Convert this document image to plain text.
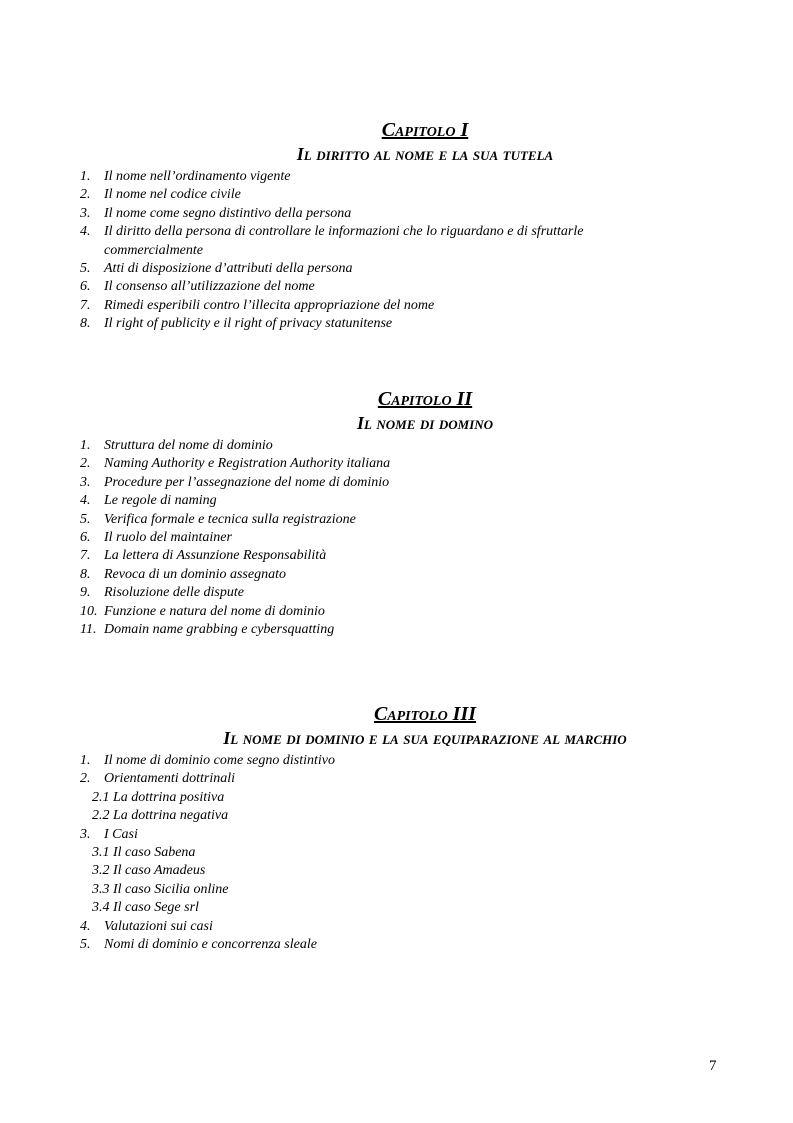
Capitolo I
Il diritto al nome e la sua tutela
1. Il nome nell’ordinamento vigente
2. Il nome nel codice civile
3. Il nome come segno distintivo della persona
4. Il diritto della persona di controllare le informazioni che lo riguardano e di sfruttarle commercialmente
5. Atti di disposizione d’attributi della persona
6. Il consenso all’utilizzazione del nome
7. Rimedi esperibili contro l’illecita appropriazione del nome
8. Il right of publicity e il right of privacy statunitense
Capitolo II
Il nome di domino
1. Struttura del nome di dominio
2. Naming Authority e Registration Authority italiana
3. Procedure per l’assegnazione del nome di dominio
4. Le regole di naming
5. Verifica formale e tecnica sulla registrazione
6. Il ruolo del maintainer
7. La lettera di Assunzione Responsabilità
8. Revoca di un dominio assegnato
9. Risoluzione delle dispute
10. Funzione e natura del nome di dominio
11. Domain name grabbing e cybersquatting
Capitolo III
Il nome di dominio e la sua equiparazione al marchio
1. Il nome di dominio come segno distintivo
2. Orientamenti dottrinali
2.1 La dottrina positiva
2.2 La dottrina negativa
3. I Casi
3.1 Il caso Sabena
3.2 Il caso Amadeus
3.3 Il caso Sicilia online
3.4 Il caso Sege srl
4. Valutazioni sui casi
5. Nomi di dominio e concorrenza sleale
7
